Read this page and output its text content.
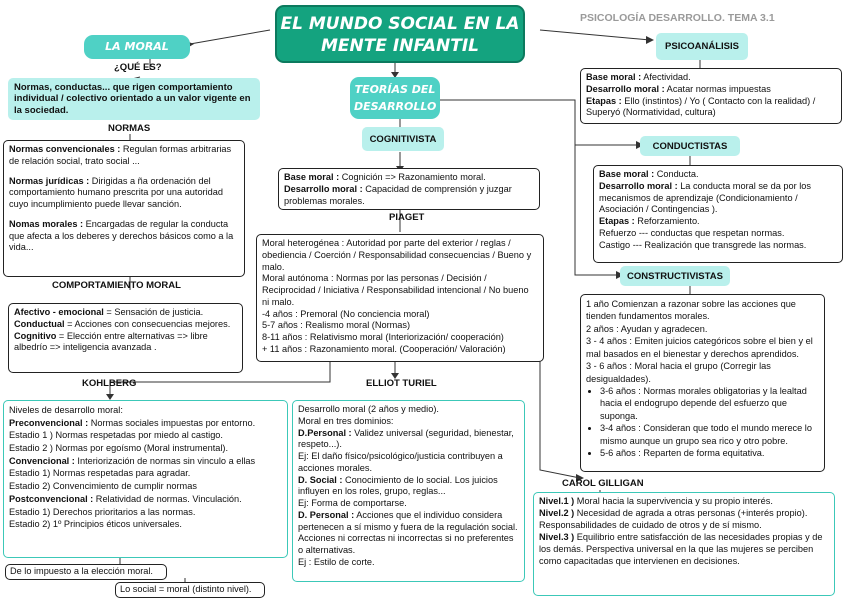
EL MUNDO SOCIAL EN LA MENTE INFANTIL
PSICOLOGÍA DESARROLLO. TEMA 3.1
LA MORAL
¿QUÉ ES?
Normas, conductas... que rigen comportamiento individual / colectivo orientado a un valor vigente en la sociedad.
NORMAS

Normas convencionales : Regulan formas arbitrarias de relación social, trato social ...

Normas jurídicas : Dirigidas a ña ordenación del comportamiento humano prescrita por una autoridad cuyo incumplimiento puede llevar sanción.

Nomas morales : Encargadas de regular la conducta que afecta a los deberes y derechos básicos como a la vida...

COMPORTAMIENTO MORAL

Afectivo - emocional = Sensación de justicia.

Conductual = Acciones con consecuencias mejores.

Cognitivo = Elección entre alternativas => libre albedrío => inteligencia avanzada .

TEORÍAS DEL DESARROLLO
COGNITIVISTA

Base moral : Cognición => Razonamiento moral.

Desarrollo moral : Capacidad de comprensión y juzgar problemas morales.

PIAGET

Moral heterogénea : Autoridad por parte del exterior / reglas / obediencia / Coerción / Responsabilidad consecuencias / Bueno y malo.

Moral autónoma : Normas por las personas / Decisión / Reciprocidad / Iniciativa / Responsabilidad intencional / No bueno ni malo.

-4 años : Premoral (No conciencia moral)

5-7 años : Realismo moral (Normas)

8-11 años : Relativismo moral (Interiorización/ cooperación)

+ 11 años : Razonamiento moral. (Cooperación/ Valoración)

KOHLBERG

Niveles de desarrollo moral:

Preconvencional : Normas sociales impuestas por entorno.

Estadio 1 ) Normas respetadas por miedo al castigo.

Estadio 2 ) Normas por egoísmo (Moral instrumental).

Convencional : Interiorización de normas sin vinculo a ellas

Estadio 1) Normas respetadas para agradar.

Estadio 2) Convencimiento de cumplir normas

Postconvencional : Relatividad de normas. Vinculación.

Estadio 1) Derechos prioritarios a las normas.

Estadio 2) 1º Principios éticos universales.

De lo impuesto a la elección moral.
Lo social = moral (distinto nivel).
ELLIOT TURIEL

Desarrollo moral (2 años y medio).

Moral en tres dominios:

D.Personal : Validez universal (seguridad, bienestar, respeto...).

Ej: El daño físico/psicológico/justicia contribuyen a acciones morales.

D. Social : Conocimiento de lo social. Los juicios influyen en los roles, grupo, reglas...

Ej: Forma de comportarse.

D. Personal : Acciones que el individuo considera pertenecen a sí mismo y fuera de la regulación social. Acciones ni correctas ni incorrectas si no preferentes o alternativas.

Ej : Estilo de corte.

PSICOANÁLISIS

Base moral : Afectividad.

Desarrollo moral : Acatar normas impuestas

Etapas : Ello (instintos) / Yo ( Contacto con la realidad) / Superyó (Normatividad, cultura)

CONDUCTISTAS

Base moral : Conducta.

Desarrollo moral : La conducta moral se da por los mecanismos de aprendizaje (Condicionamiento / Asociación / Contingencias ).

Etapas : Reforzamiento.

Refuerzo --- conductas que respetan normas.

Castigo --- Realización que transgrede las normas.

CONSTRUCTIVISTAS

1 año Comienzan a razonar sobre las acciones que tienden fundamentos morales.

2 años : Ayudan y agradecen.

3 - 4 años : Emiten juicios categóricos sobre el bien y el mal basados en el bienestar y derechos aprendidos.

3 - 6 años : Moral hacia el grupo (Corregir las desigualdades).

• 3-6 años : Normas morales obligatorias y la lealtad hacia el endogrupo depende del esfuerzo que suponga.
• 3-4 años : Consideran que todo el mundo merece lo mismo aunque un grupo sea rico y otro pobre.
• 5-6 años : Reparten de forma equitativa.
CAROL GILLIGAN

Nivel.1 ) Moral hacia la supervivencia y su propio interés.

Nivel.2 ) Necesidad de agrada a otras personas (+interés propio). Responsabilidades de cuidado de otros y de sí mismo.

Nivel.3 ) Equilibrio entre satisfacción de las necesidades propias y de los demás. Perspectiva universal en la que las mujeres se perciben como capacitadas que intervienen en decisiones.
